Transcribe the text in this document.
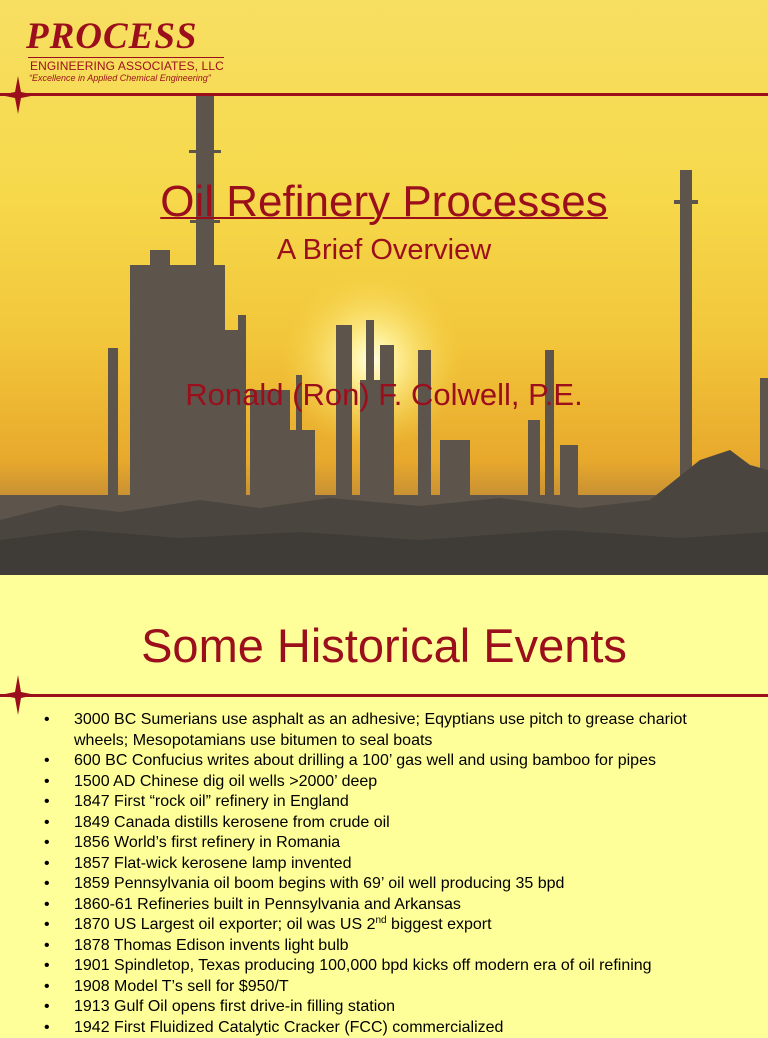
PROCESS
ENGINEERING ASSOCIATES, LLC
“Excellence in Applied Chemical Engineering”
Oil Refinery Processes
A Brief Overview
Ronald (Ron) F. Colwell, P.E.
Some Historical Events
• 3000 BC Sumerians use asphalt as an adhesive; Eqyptians use pitch to grease chariot wheels; Mesopotamians use bitumen to seal boats
• 600 BC Confucius writes about drilling a 100’ gas well and using bamboo for pipes
• 1500 AD Chinese dig oil wells >2000’ deep
• 1847 First “rock oil” refinery in England
• 1849 Canada distills kerosene from crude oil
• 1856 World’s first refinery in Romania
• 1857 Flat-wick kerosene lamp invented
• 1859 Pennsylvania oil boom begins with 69’ oil well producing 35 bpd
• 1860-61 Refineries built in Pennsylvania and Arkansas
• 1870 US Largest oil exporter; oil was US 2nd biggest export
• 1878 Thomas Edison invents light bulb
• 1901 Spindletop, Texas producing 100,000 bpd kicks off modern era of oil refining
• 1908 Model T’s sell for $950/T
• 1913 Gulf Oil opens first drive-in filling station
• 1942 First Fluidized Catalytic Cracker (FCC) commercialized
